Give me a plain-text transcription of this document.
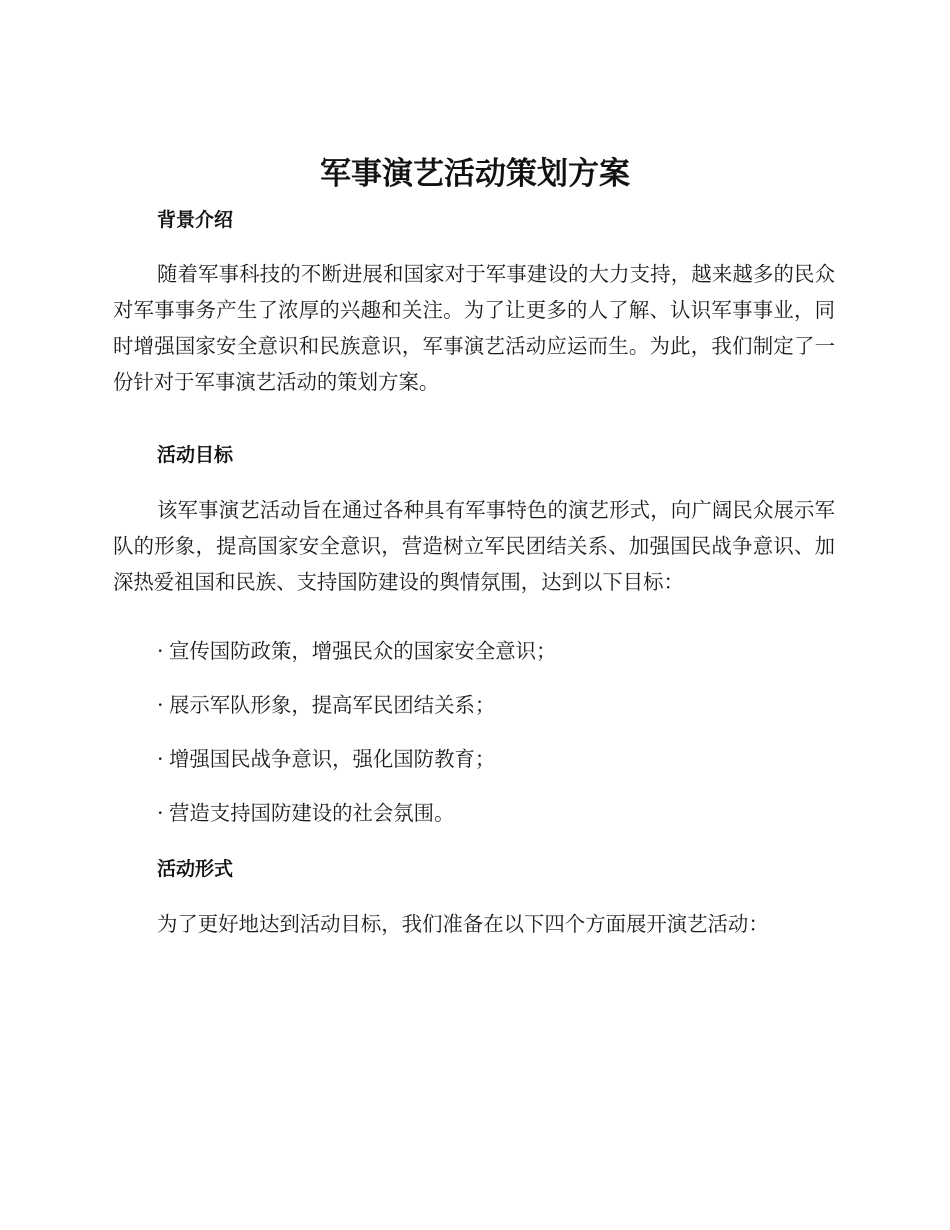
军事演艺活动策划方案
背景介绍
随着军事科技的不断进展和国家对于军事建设的大力支持，越来越多的民众对军事事务产生了浓厚的兴趣和关注。为了让更多的人了解、认识军事事业，同时增强国家安全意识和民族意识，军事演艺活动应运而生。为此，我们制定了一份针对于军事演艺活动的策划方案。
活动目标
该军事演艺活动旨在通过各种具有军事特色的演艺形式，向广阔民众展示军队的形象，提高国家安全意识，营造树立军民团结关系、加强国民战争意识、加深热爱祖国和民族、支持国防建设的舆情氛围，达到以下目标：
· 宣传国防政策，增强民众的国家安全意识；
· 展示军队形象，提高军民团结关系；
· 增强国民战争意识，强化国防教育；
· 营造支持国防建设的社会氛围。
活动形式
为了更好地达到活动目标，我们准备在以下四个方面展开演艺活动：
